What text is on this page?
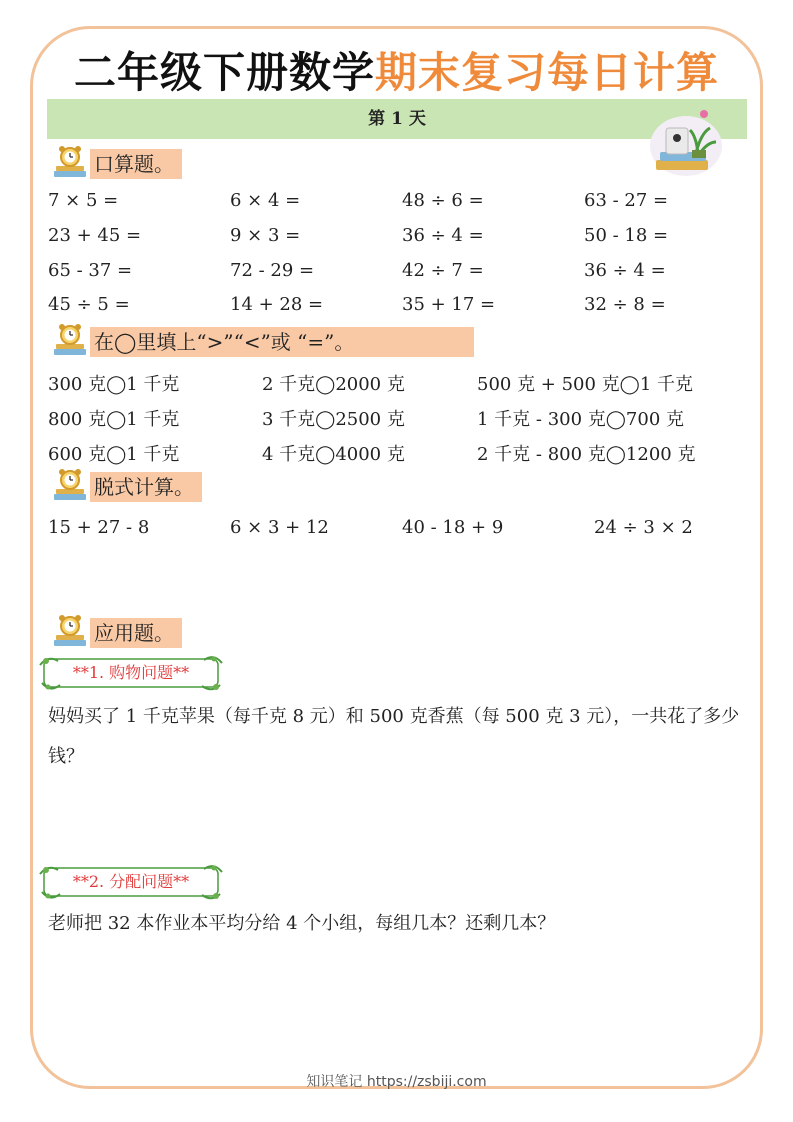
二年级下册数学期末复习每日计算
第 1 天
口算题。
7 × 5 =	6 × 4 =	48 ÷ 6 =	63 - 27 =
23 + 45 =	9 × 3 =	36 ÷ 4 =	50 - 18 =
65 - 37 =	72 - 29 =	42 ÷ 7 =	36 ÷ 4 =
45 ÷ 5 =	14 + 28 =	35 + 17 =	32 ÷ 8 =
在◯里填上“>”“<”或 “=”。
300 克◯1 千克	2 千克◯2000 克	500 克 + 500 克◯1 千克
800 克◯1 千克	3 千克◯2500 克	1 千克 - 300 克◯700 克
600 克◯1 千克	4 千克◯4000 克	2 千克 - 800 克◯1200 克
脱式计算。
15 + 27 - 8	6 × 3 + 12	40 - 18 + 9	24 ÷ 3 × 2
应用题。
**1. 购物问题**
妈妈买了 1 千克苹果（每千克 8 元）和 500 克香蕉（每 500 克 3 元），一共花了多少钱？
**2. 分配问题**
老师把 32 本作业本平均分给 4 个小组，每组几本？还剩几本？
知识笔记 https://zsbiji.com
